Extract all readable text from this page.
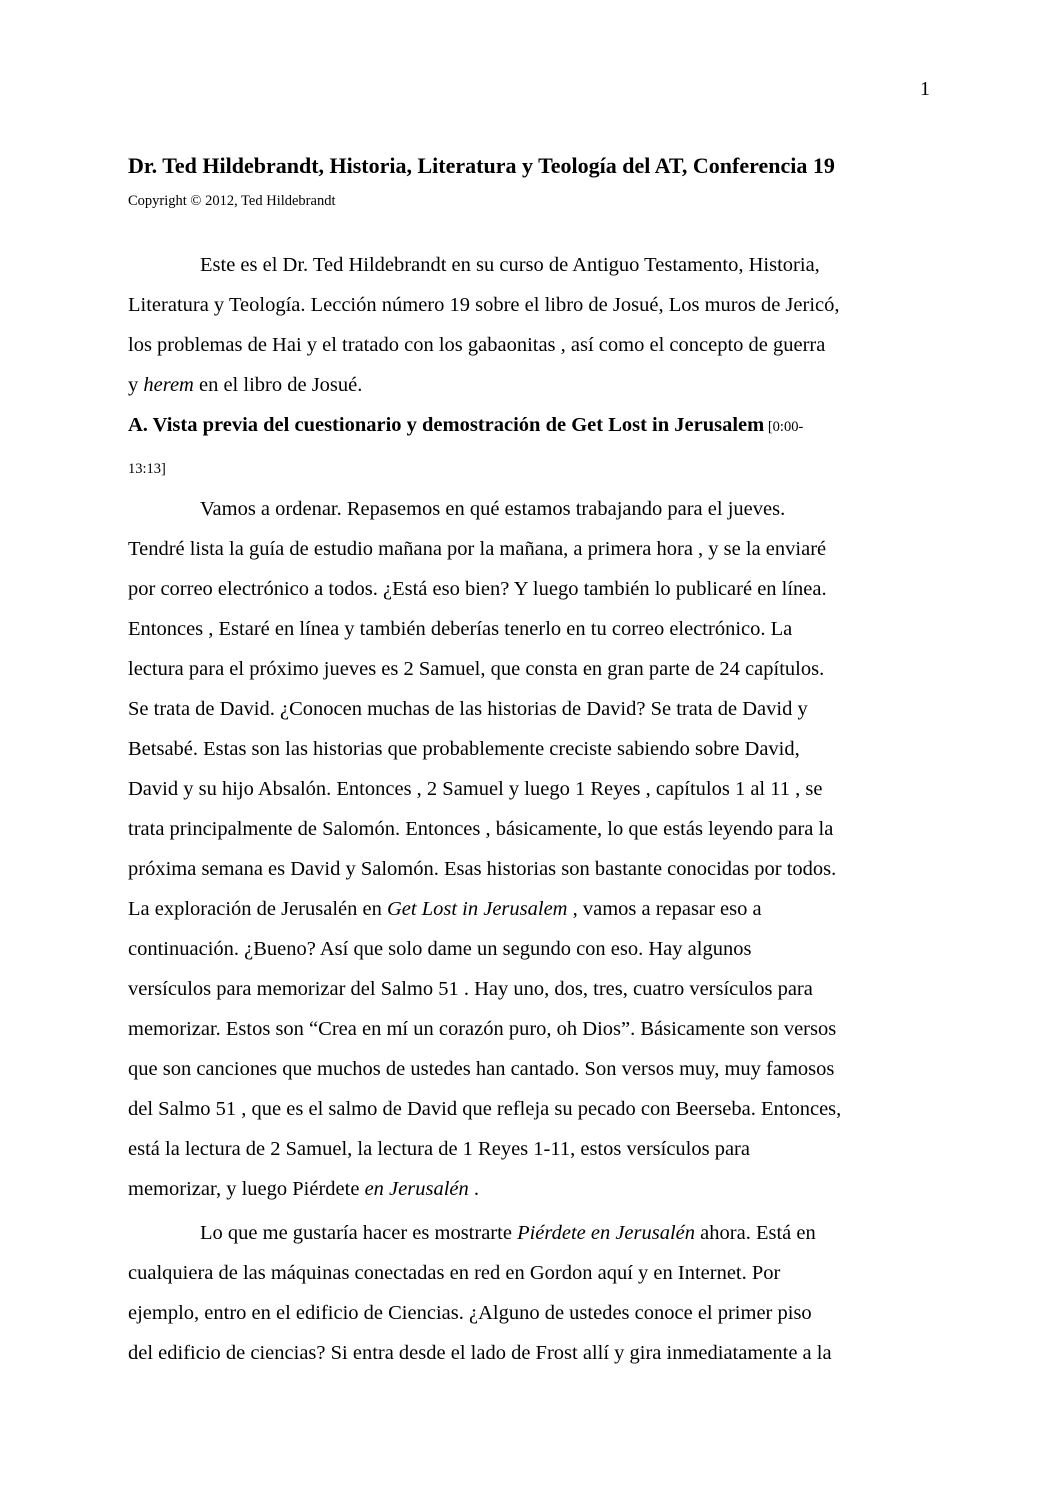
1
Dr. Ted Hildebrandt, Historia, Literatura y Teología del AT, Conferencia 19
Copyright © 2012, Ted Hildebrandt

Este es el Dr. Ted Hildebrandt en su curso de Antiguo Testamento, Historia,
Literatura y Teología. Lección número 19 sobre el libro de Josué, Los muros de Jericó,
los problemas de Hai y el tratado con los gabaonitas , así como el concepto de guerra
y herem en el libro de Josué.

A. Vista previa del cuestionario y demostración de Get Lost in Jerusalem [0:00-
13:13]

Vamos a ordenar. Repasemos en qué estamos trabajando para el jueves.
Tendré lista la guía de estudio mañana por la mañana, a primera hora , y se la enviaré
por correo electrónico a todos. ¿Está eso bien? Y luego también lo publicaré en línea.
Entonces , Estaré en línea y también deberías tenerlo en tu correo electrónico. La
lectura para el próximo jueves es 2 Samuel, que consta en gran parte de 24 capítulos.
Se trata de David. ¿Conocen muchas de las historias de David? Se trata de David y
Betsabé. Estas son las historias que probablemente creciste sabiendo sobre David,
David y su hijo Absalón. Entonces , 2 Samuel y luego 1 Reyes , capítulos 1 al 11 , se
trata principalmente de Salomón. Entonces , básicamente, lo que estás leyendo para la
próxima semana es David y Salomón. Esas historias son bastante conocidas por todos.
La exploración de Jerusalén en Get Lost in Jerusalem , vamos a repasar eso a
continuación. ¿Bueno? Así que solo dame un segundo con eso. Hay algunos
versículos para memorizar del Salmo 51 . Hay uno, dos, tres, cuatro versículos para
memorizar. Estos son “Crea en mí un corazón puro, oh Dios”. Básicamente son versos
que son canciones que muchos de ustedes han cantado. Son versos muy, muy famosos
del Salmo 51 , que es el salmo de David que refleja su pecado con Beerseba. Entonces,
está la lectura de 2 Samuel, la lectura de 1 Reyes 1-11, estos versículos para
memorizar, y luego Piérdete en Jerusalén .

Lo que me gustaría hacer es mostrarte Piérdete en Jerusalén ahora. Está en
cualquiera de las máquinas conectadas en red en Gordon aquí y en Internet. Por
ejemplo, entro en el edificio de Ciencias. ¿Alguno de ustedes conoce el primer piso
del edificio de ciencias? Si entra desde el lado de Frost allí y gira inmediatamente a la
